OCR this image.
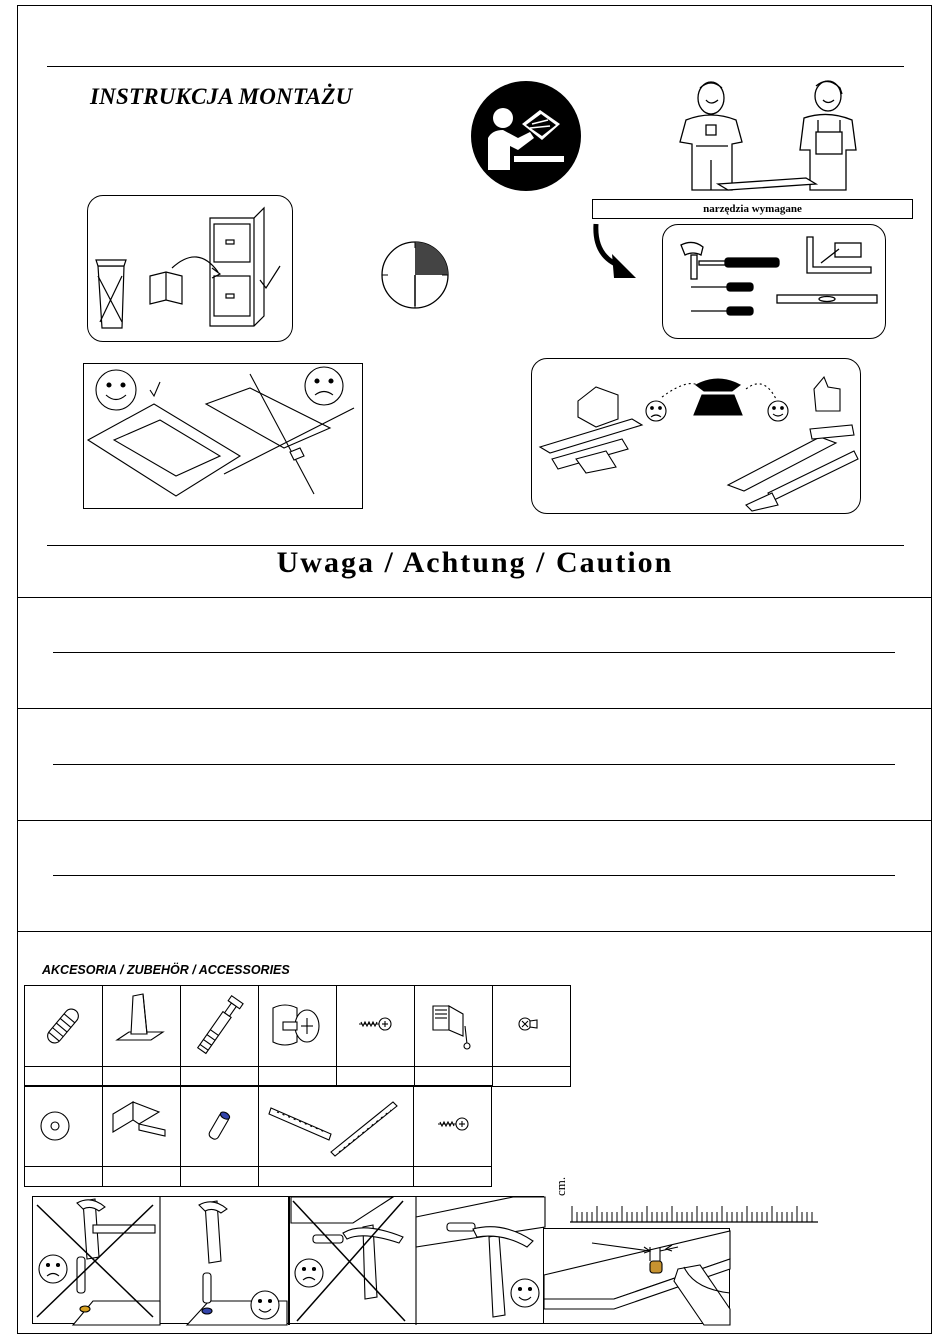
INSTRUKCJA MONTAŻU
narzędzia wymagane
Uwaga / Achtung / Caution
AKCESORIA / ZUBEHÖR / ACCESSORIES

cm.
